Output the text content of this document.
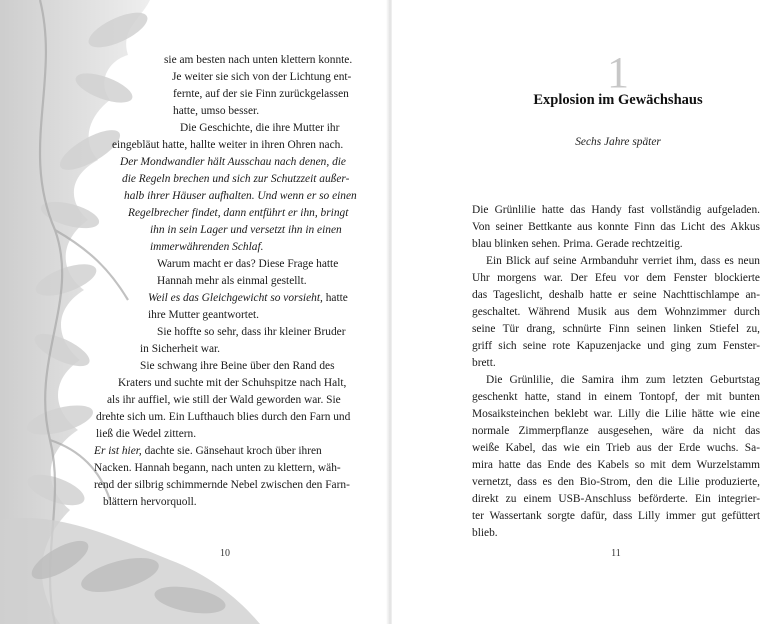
sie am besten nach unten klettern konnte.
Je weiter sie sich von der Lichtung ent-
fernte, auf der sie Finn zurückgelassen
hatte, umso besser.
Die Geschichte, die ihre Mutter ihr
eingebläut hatte, hallte weiter in ihren Ohren nach.
Der Mondwandler hält Ausschau nach denen, die
die Regeln brechen und sich zur Schutzzeit außer-
halb ihrer Häuser aufhalten. Und wenn er so einen
Regelbrecher findet, dann entführt er ihn, bringt
ihn in sein Lager und versetzt ihn in einen
immerwährenden Schlaf.
Warum macht er das? Diese Frage hatte
Hannah mehr als einmal gestellt.
Weil es das Gleichgewicht so vorsieht, hatte
ihre Mutter geantwortet.
Sie hoffte so sehr, dass ihr kleiner Bruder
in Sicherheit war.
Sie schwang ihre Beine über den Rand des
Kraters und suchte mit der Schuhspitze nach Halt,
als ihr auffiel, wie still der Wald geworden war. Sie
drehte sich um. Ein Lufthauch blies durch den Farn und
ließ die Wedel zittern.
Er ist hier, dachte sie. Gänsehaut kroch über ihren
Nacken. Hannah begann, nach unten zu klettern, wäh-
rend der silbrig schimmernde Nebel zwischen den Farn-
blättern hervorquoll.
10
1
Explosion im Gewächshaus
Sechs Jahre später
Die Grünlilie hatte das Handy fast vollständig aufgeladen.
Von seiner Bettkante aus konnte Finn das Licht des Akkus
blau blinken sehen. Prima. Gerade rechtzeitig.
Ein Blick auf seine Armbanduhr verriet ihm, dass es neun
Uhr morgens war. Der Efeu vor dem Fenster blockierte
das Tageslicht, deshalb hatte er seine Nachttischlampe an-
geschaltet. Während Musik aus dem Wohnzimmer durch
seine Tür drang, schnürte Finn seinen linken Stiefel zu,
griff sich seine rote Kapuzenjacke und ging zum Fenster-
brett.
Die Grünlilie, die Samira ihm zum letzten Geburtstag
geschenkt hatte, stand in einem Tontopf, der mit bunten
Mosaiksteinchen beklebt war. Lilly die Lilie hätte wie eine
normale Zimmerpflanze ausgesehen, wäre da nicht das
weiße Kabel, das wie ein Trieb aus der Erde wuchs. Sa-
mira hatte das Ende des Kabels so mit dem Wurzelstamm
vernetzt, dass es den Bio-Strom, den die Lilie produzierte,
direkt zu einem USB-Anschluss beförderte. Ein integrier-
ter Wassertank sorgte dafür, dass Lilly immer gut gefüttert
blieb.
11
